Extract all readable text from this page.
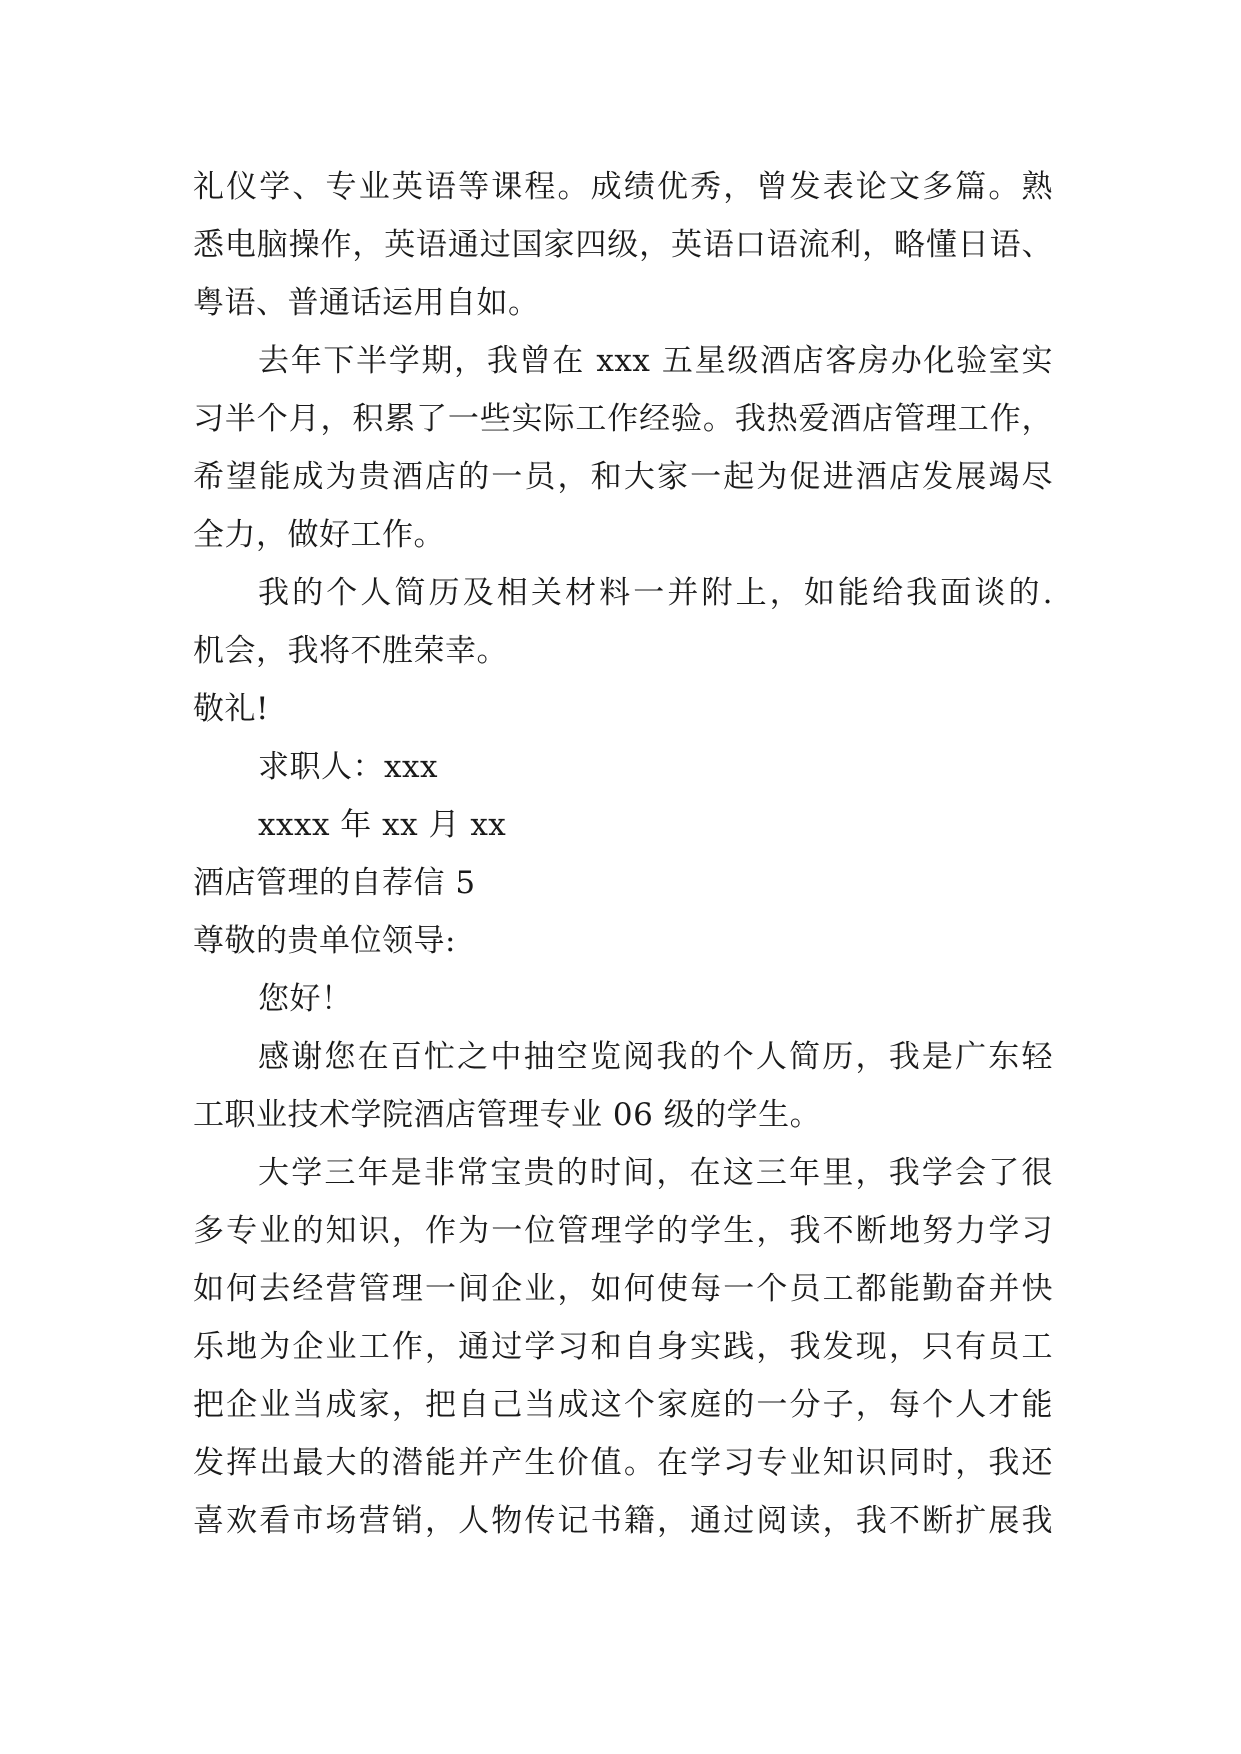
礼仪学、专业英语等课程。成绩优秀，曾发表论文多篇。熟
悉电脑操作，英语通过国家四级，英语口语流利，略懂日语、
粤语、普通话运用自如。
去年下半学期，我曾在 xxx 五星级酒店客房办化验室实
习半个月，积累了一些实际工作经验。我热爱酒店管理工作，
希望能成为贵酒店的一员，和大家一起为促进酒店发展竭尽
全力，做好工作。
我的个人简历及相关材料一并附上，如能给我面谈的.
机会，我将不胜荣幸。
敬礼!
求职人：xxx
xxxx 年 xx 月 xx
酒店管理的自荐信 5
尊敬的贵单位领导:
您好！
感谢您在百忙之中抽空览阅我的个人简历，我是广东轻
工职业技术学院酒店管理专业 06 级的学生。
大学三年是非常宝贵的时间，在这三年里，我学会了很
多专业的知识，作为一位管理学的学生，我不断地努力学习
如何去经营管理一间企业，如何使每一个员工都能勤奋并快
乐地为企业工作，通过学习和自身实践，我发现，只有员工
把企业当成家，把自己当成这个家庭的一分子，每个人才能
发挥出最大的潜能并产生价值。在学习专业知识同时，我还
喜欢看市场营销，人物传记书籍，通过阅读，我不断扩展我
